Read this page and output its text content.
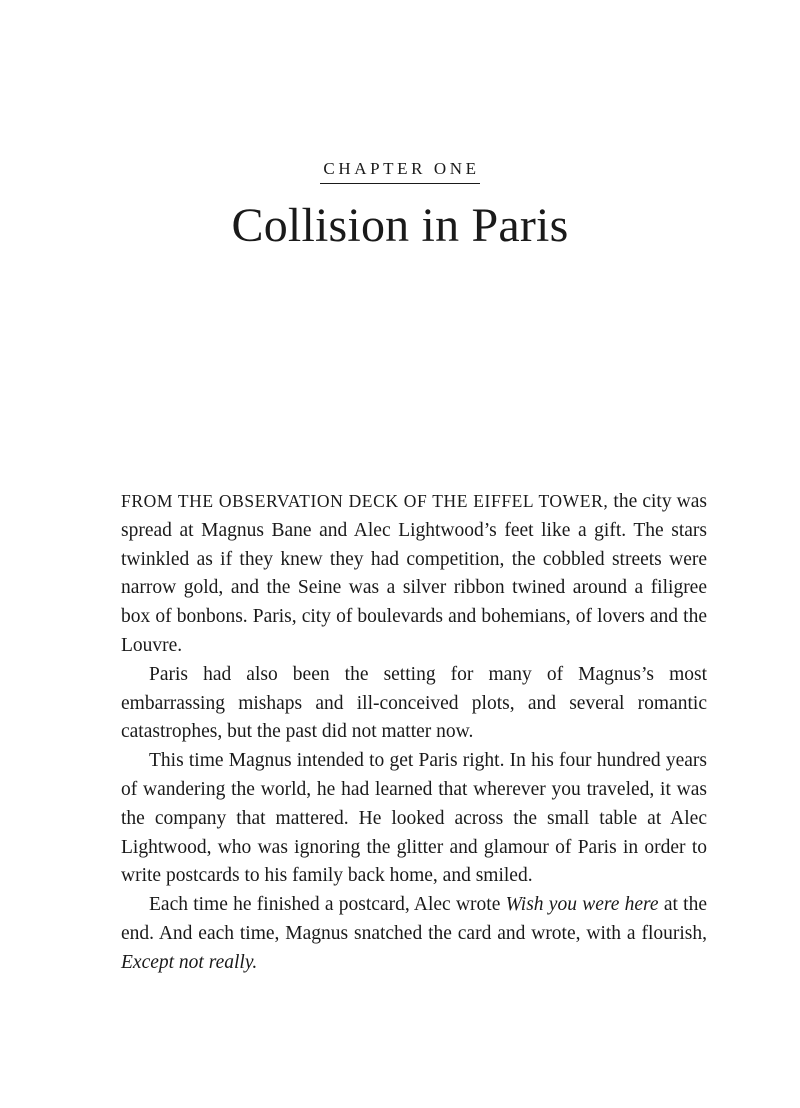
CHAPTER ONE
Collision in Paris

FROM THE OBSERVATION DECK OF THE EIFFEL TOWER, the city was spread at Magnus Bane and Alec Lightwood’s feet like a gift. The stars twinkled as if they knew they had competition, the cobbled streets were narrow gold, and the Seine was a silver ribbon twined around a filigree box of bonbons. Paris, city of boulevards and bohemians, of lovers and the Louvre.

Paris had also been the setting for many of Magnus’s most embarrassing mishaps and ill-conceived plots, and several romantic catastrophes, but the past did not matter now.

This time Magnus intended to get Paris right. In his four hundred years of wandering the world, he had learned that wherever you traveled, it was the company that mattered. He looked across the small table at Alec Lightwood, who was ignoring the glitter and glamour of Paris in order to write postcards to his family back home, and smiled.

Each time he finished a postcard, Alec wrote Wish you were here at the end. And each time, Magnus snatched the card and wrote, with a flourish, Except not really.
